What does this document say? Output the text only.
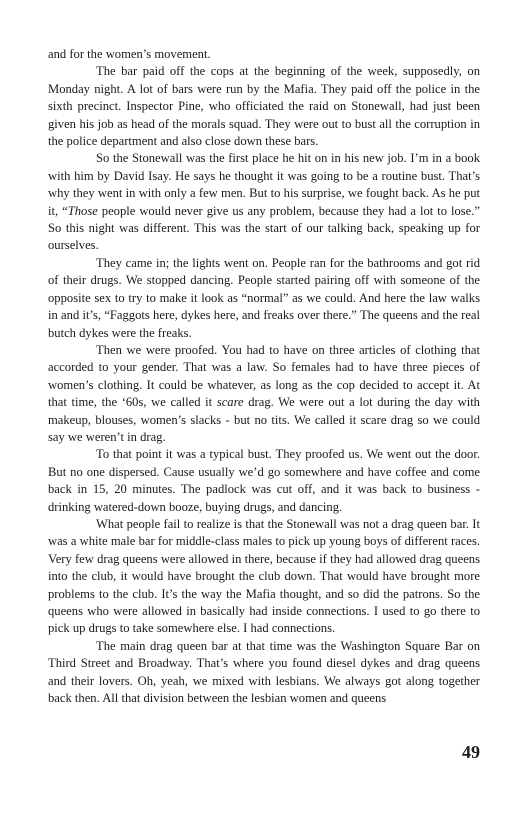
and for the women’s movement.

The bar paid off the cops at the beginning of the week, supposedly, on Monday night. A lot of bars were run by the Mafia. They paid off the police in the sixth precinct. Inspector Pine, who officiated the raid on Stonewall, had just been given his job as head of the morals squad. They were out to bust all the corruption in the police department and also close down these bars.

So the Stonewall was the first place he hit on in his new job. I’m in a book with him by David Isay. He says he thought it was going to be a routine bust. That’s why they went in with only a few men. But to his surprise, we fought back. As he put it, “Those people would never give us any problem, because they had a lot to lose.” So this night was different. This was the start of our talking back, speaking up for ourselves.

They came in; the lights went on. People ran for the bathrooms and got rid of their drugs. We stopped dancing. People started pairing off with someone of the opposite sex to try to make it look as “normal” as we could. And here the law walks in and it’s, “Faggots here, dykes here, and freaks over there.” The queens and the real butch dykes were the freaks.

Then we were proofed. You had to have on three articles of clothing that accorded to your gender. That was a law. So females had to have three pieces of women’s clothing. It could be whatever, as long as the cop decided to accept it. At that time, the ‘60s, we called it scare drag. We were out a lot during the day with makeup, blouses, women’s slacks - but no tits. We called it scare drag so we could say we weren’t in drag.

To that point it was a typical bust. They proofed us. We went out the door. But no one dispersed. Cause usually we’d go somewhere and have coffee and come back in 15, 20 minutes. The padlock was cut off, and it was back to business - drinking watered-down booze, buying drugs, and dancing.

What people fail to realize is that the Stonewall was not a drag queen bar. It was a white male bar for middle-class males to pick up young boys of different races. Very few drag queens were allowed in there, because if they had allowed drag queens into the club, it would have brought the club down. That would have brought more problems to the club. It’s the way the Mafia thought, and so did the patrons. So the queens who were allowed in basically had inside connections. I used to go there to pick up drugs to take somewhere else. I had connections.

The main drag queen bar at that time was the Washington Square Bar on Third Street and Broadway. That’s where you found diesel dykes and drag queens and their lovers. Oh, yeah, we mixed with lesbians. We always got along together back then. All that division between the lesbian women and queens

49
